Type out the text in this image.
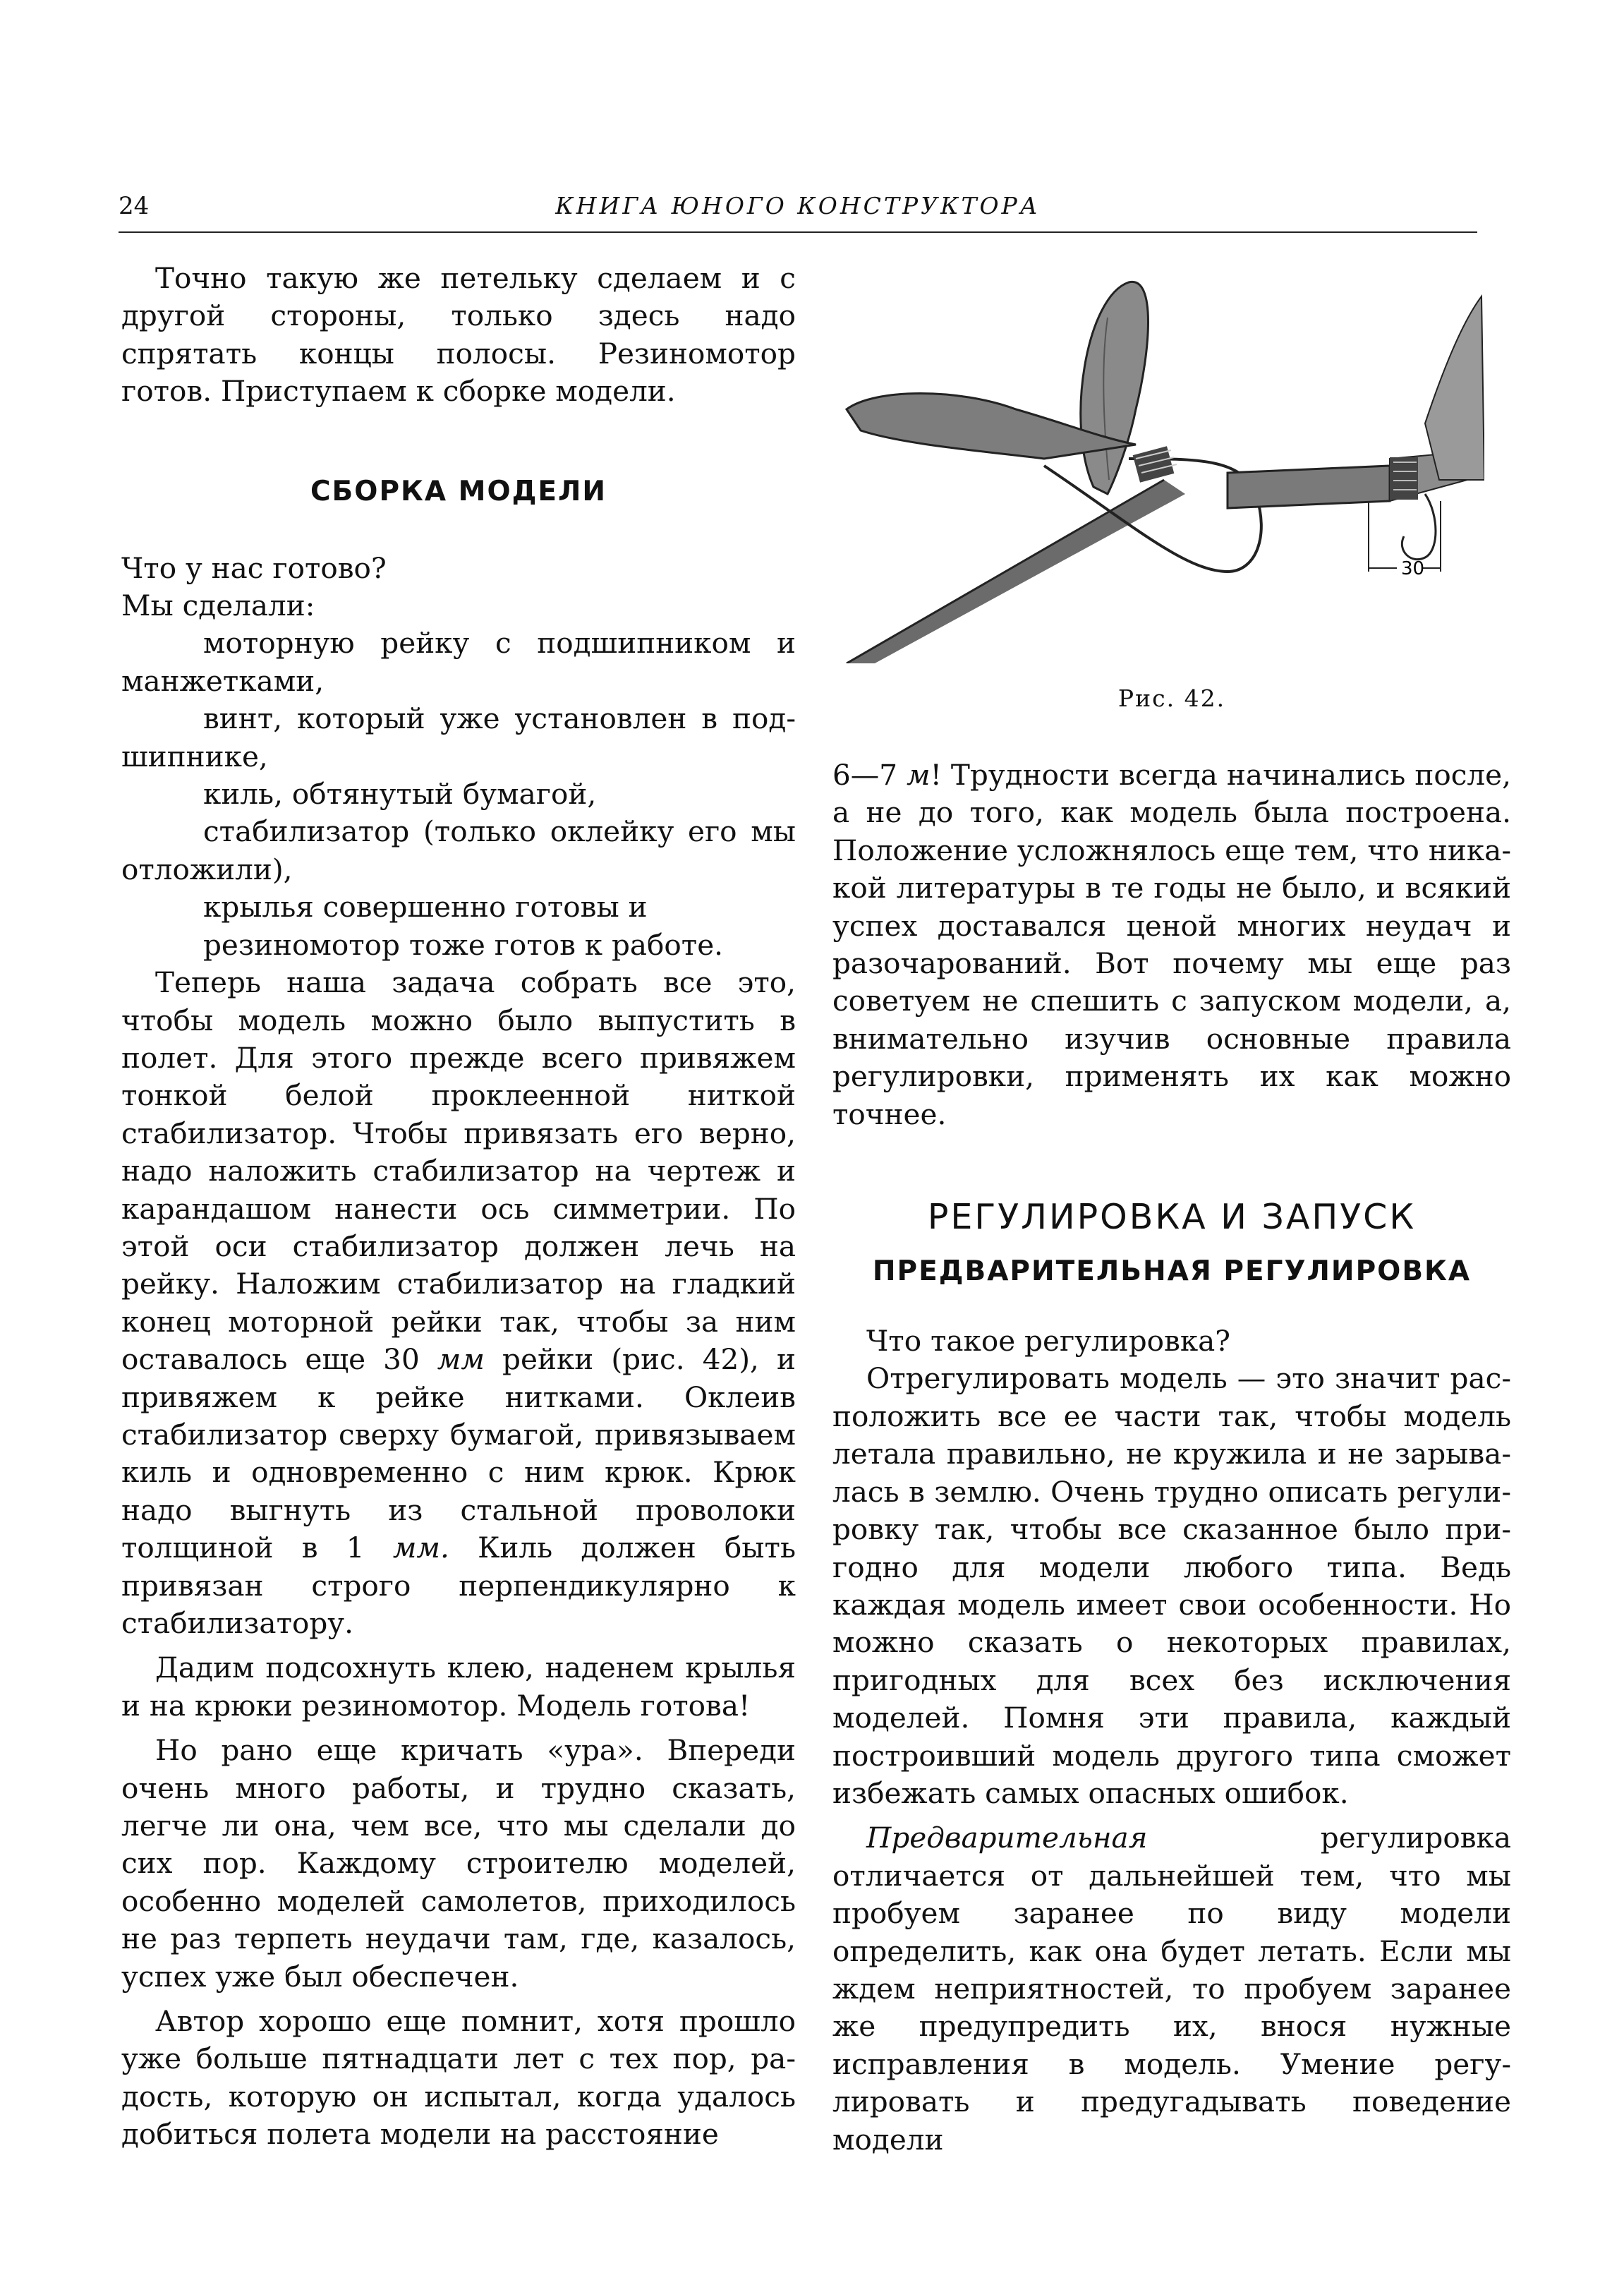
24	КНИГА ЮНОГО КОНСТРУКТОРА

Точно такую же петельку сделаем и с другой стороны, только здесь надо спрятать концы полосы. Резиномотор готов. Приступаем к сборке модели.

СБОРКА МОДЕЛИ
Что у нас готово?
Мы сделали:
моторную рейку с подшипником и манжетками,
винт, который уже установлен в подшипнике,
киль, обтянутый бумагой,
стабилизатор (только оклейку его мы отложили),
крылья совершенно готовы и
резиномотор тоже готов к работе.

Теперь наша задача собрать все это, чтобы модель можно было выпустить в полет. Для этого прежде всего привяжем тонкой белой проклеенной ниткой стабилизатор. Чтобы привязать его верно, надо наложить стабилизатор на чертеж и карандашом нанести ось симметрии. По этой оси стабилизатор должен лечь на рейку. Наложим стабилизатор на гладкий конец моторной рейки так, чтобы за ним оставалось еще 30 мм рейки (рис. 42), и привяжем к рейке нитками. Оклеив стабилизатор сверху бумагой, привязываем киль и одновременно с ним крюк. Крюк надо выгнуть из стальной проволоки толщиной в 1 мм. Киль должен быть привязан строго перпендикулярно к стабилизатору.

Дадим подсохнуть клею, наденем крылья и на крюки резиномотор. Модель готова!

Но рано еще кричать «ура». Впереди очень много работы, и трудно сказать, легче ли она, чем все, что мы сделали до сих пор. Каждому строителю моделей, особенно моделей самолетов, приходилось не раз терпеть неудачи там, где, казалось, успех уже был обеспечен.

Автор хорошо еще помнит, хотя прошло уже больше пятнадцати лет с тех пор, радость, которую он испытал, когда удалось добиться полета модели на расстояние

30
Рис. 42.

6—7 м! Трудности всегда начинались после, а не до того, как модель была построена. Положение усложнялось еще тем, что никакой литературы в те годы не было, и всякий успех доставался ценой многих неудач и разочарований. Вот почему мы еще раз советуем не спешить с запуском модели, а, внимательно изучив основные правила регулировки, применять их как можно точнее.

РЕГУЛИРОВКА И ЗАПУСК
ПРЕДВАРИТЕЛЬНАЯ РЕГУЛИРОВКА

Что такое регулировка?

Отрегулировать модель — это значит расположить все ее части так, чтобы модель летала правильно, не кружила и не зарывалась в землю. Очень трудно описать регулировку так, чтобы все сказанное было пригодно для модели любого типа. Ведь каждая модель имеет свои особенности. Но можно сказать о некоторых правилах, пригодных для всех без исключения моделей. Помня эти правила, каждый построивший модель другого типа сможет избежать самых опасных ошибок.

Предварительная регулировка отличается от дальнейшей тем, что мы пробуем заранее по виду модели определить, как она будет летать. Если мы ждем неприятностей, то пробуем заранее же предупредить их, внося нужные исправления в модель. Умение регулировать и предугадывать поведение модели
